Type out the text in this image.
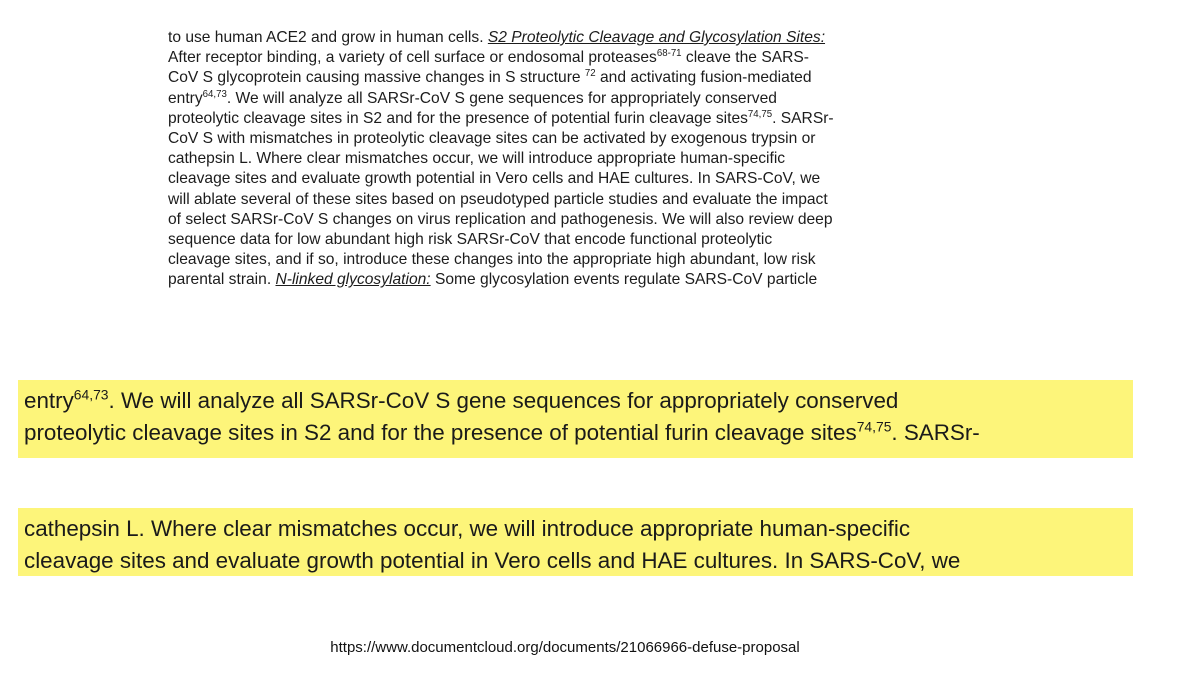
to use human ACE2 and grow in human cells. S2 Proteolytic Cleavage and Glycosylation Sites:
After receptor binding, a variety of cell surface or endosomal proteases$^{68-71}$ cleave the SARS-
CoV S glycoprotein causing massive changes in S structure $^{72}$ and activating fusion-mediated
entry$^{64,73}$. We will analyze all SARSr-CoV S gene sequences for appropriately conserved
proteolytic cleavage sites in S2 and for the presence of potential furin cleavage sites$^{74,75}$. SARSr-
CoV S with mismatches in proteolytic cleavage sites can be activated by exogenous trypsin or
cathepsin L. Where clear mismatches occur, we will introduce appropriate human-specific
cleavage sites and evaluate growth potential in Vero cells and HAE cultures. In SARS-CoV, we
will ablate several of these sites based on pseudotyped particle studies and evaluate the impact
of select SARSr-CoV S changes on virus replication and pathogenesis. We will also review deep
sequence data for low abundant high risk SARSr-CoV that encode functional proteolytic
cleavage sites, and if so, introduce these changes into the appropriate high abundant, low risk
parental strain. N-linked glycosylation: Some glycosylation events regulate SARS-CoV particle
entry$^{64,73}$. We will analyze all SARSr-CoV S gene sequences for appropriately conserved
proteolytic cleavage sites in S2 and for the presence of potential furin cleavage sites$^{74,75}$. SARSr-
cathepsin L. Where clear mismatches occur, we will introduce appropriate human-specific
cleavage sites and evaluate growth potential in Vero cells and HAE cultures. In SARS-CoV, we
https://www.documentcloud.org/documents/21066966-defuse-proposal
